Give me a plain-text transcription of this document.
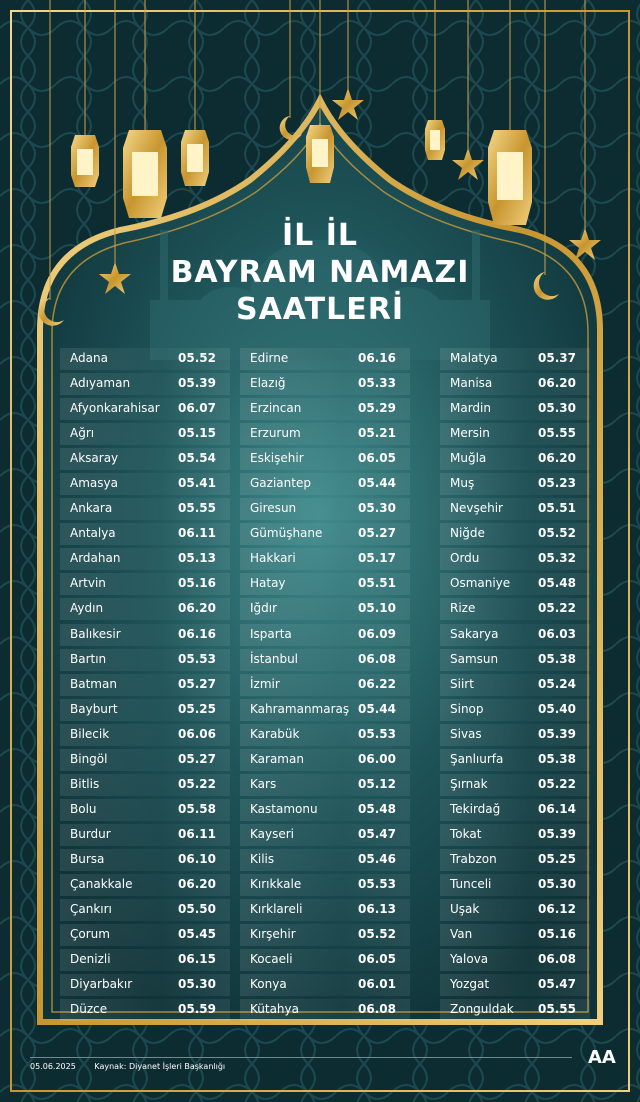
İL İL
BAYRAM NAMAZI
SAATLERİ
Adana	05.52
Adıyaman	05.39
Afyonkarahisar 06.07
Ağrı	05.15
Aksaray	05.54
Amasya	05.41
Ankara	05.55
Antalya	06.11
Ardahan	05.13
Artvin	05.16
Aydın	06.20
Balıkesir	06.16
Bartın	05.53
Batman	05.27
Bayburt	05.25
Bilecik	06.06
Bingöl	05.27
Bitlis	05.22
Bolu	05.58
Burdur	06.11
Bursa	06.10
Çanakkale	06.20
Çankırı	05.50
Çorum	05.45
Denizli	06.15
Diyarbakır	05.30
Düzce	05.59
Edirne	06.16
Elazığ	05.33
Erzincan	05.29
Erzurum	05.21
Eskişehir	06.05
Gaziantep	05.44
Giresun	05.30
Gümüşhane	05.27
Hakkari	05.17
Hatay	05.51
Iğdır	05.10
Isparta	06.09
İstanbul	06.08
İzmir	06.22
Kahramanmaraş 05.44
Karabük	05.53
Karaman	06.00
Kars	05.12
Kastamonu	05.48
Kayseri	05.47
Kilis	05.46
Kırıkkale	05.53
Kırklareli	06.13
Kırşehir	05.52
Kocaeli	06.05
Konya	06.01
Kütahya	06.08
Malatya	05.37
Manisa	06.20
Mardin	05.30
Mersin	05.55
Muğla	06.20
Muş	05.23
Nevşehir	05.51
Niğde	05.52
Ordu	05.32
Osmaniye 05.48
Rize	05.22
Sakarya	06.03
Samsun	05.38
Siirt	05.24
Sinop	05.40
Sivas	05.39
Şanlıurfa	05.38
Şırnak	05.22
Tekirdağ	06.14
Tokat	05.39
Trabzon	05.25
Tunceli	05.30
Uşak	06.12
Van	05.16
Yalova	06.08
Yozgat	05.47
Zonguldak 05.55
05.06.2025 Kaynak: Diyanet İşleri Başkanlığı	AA
